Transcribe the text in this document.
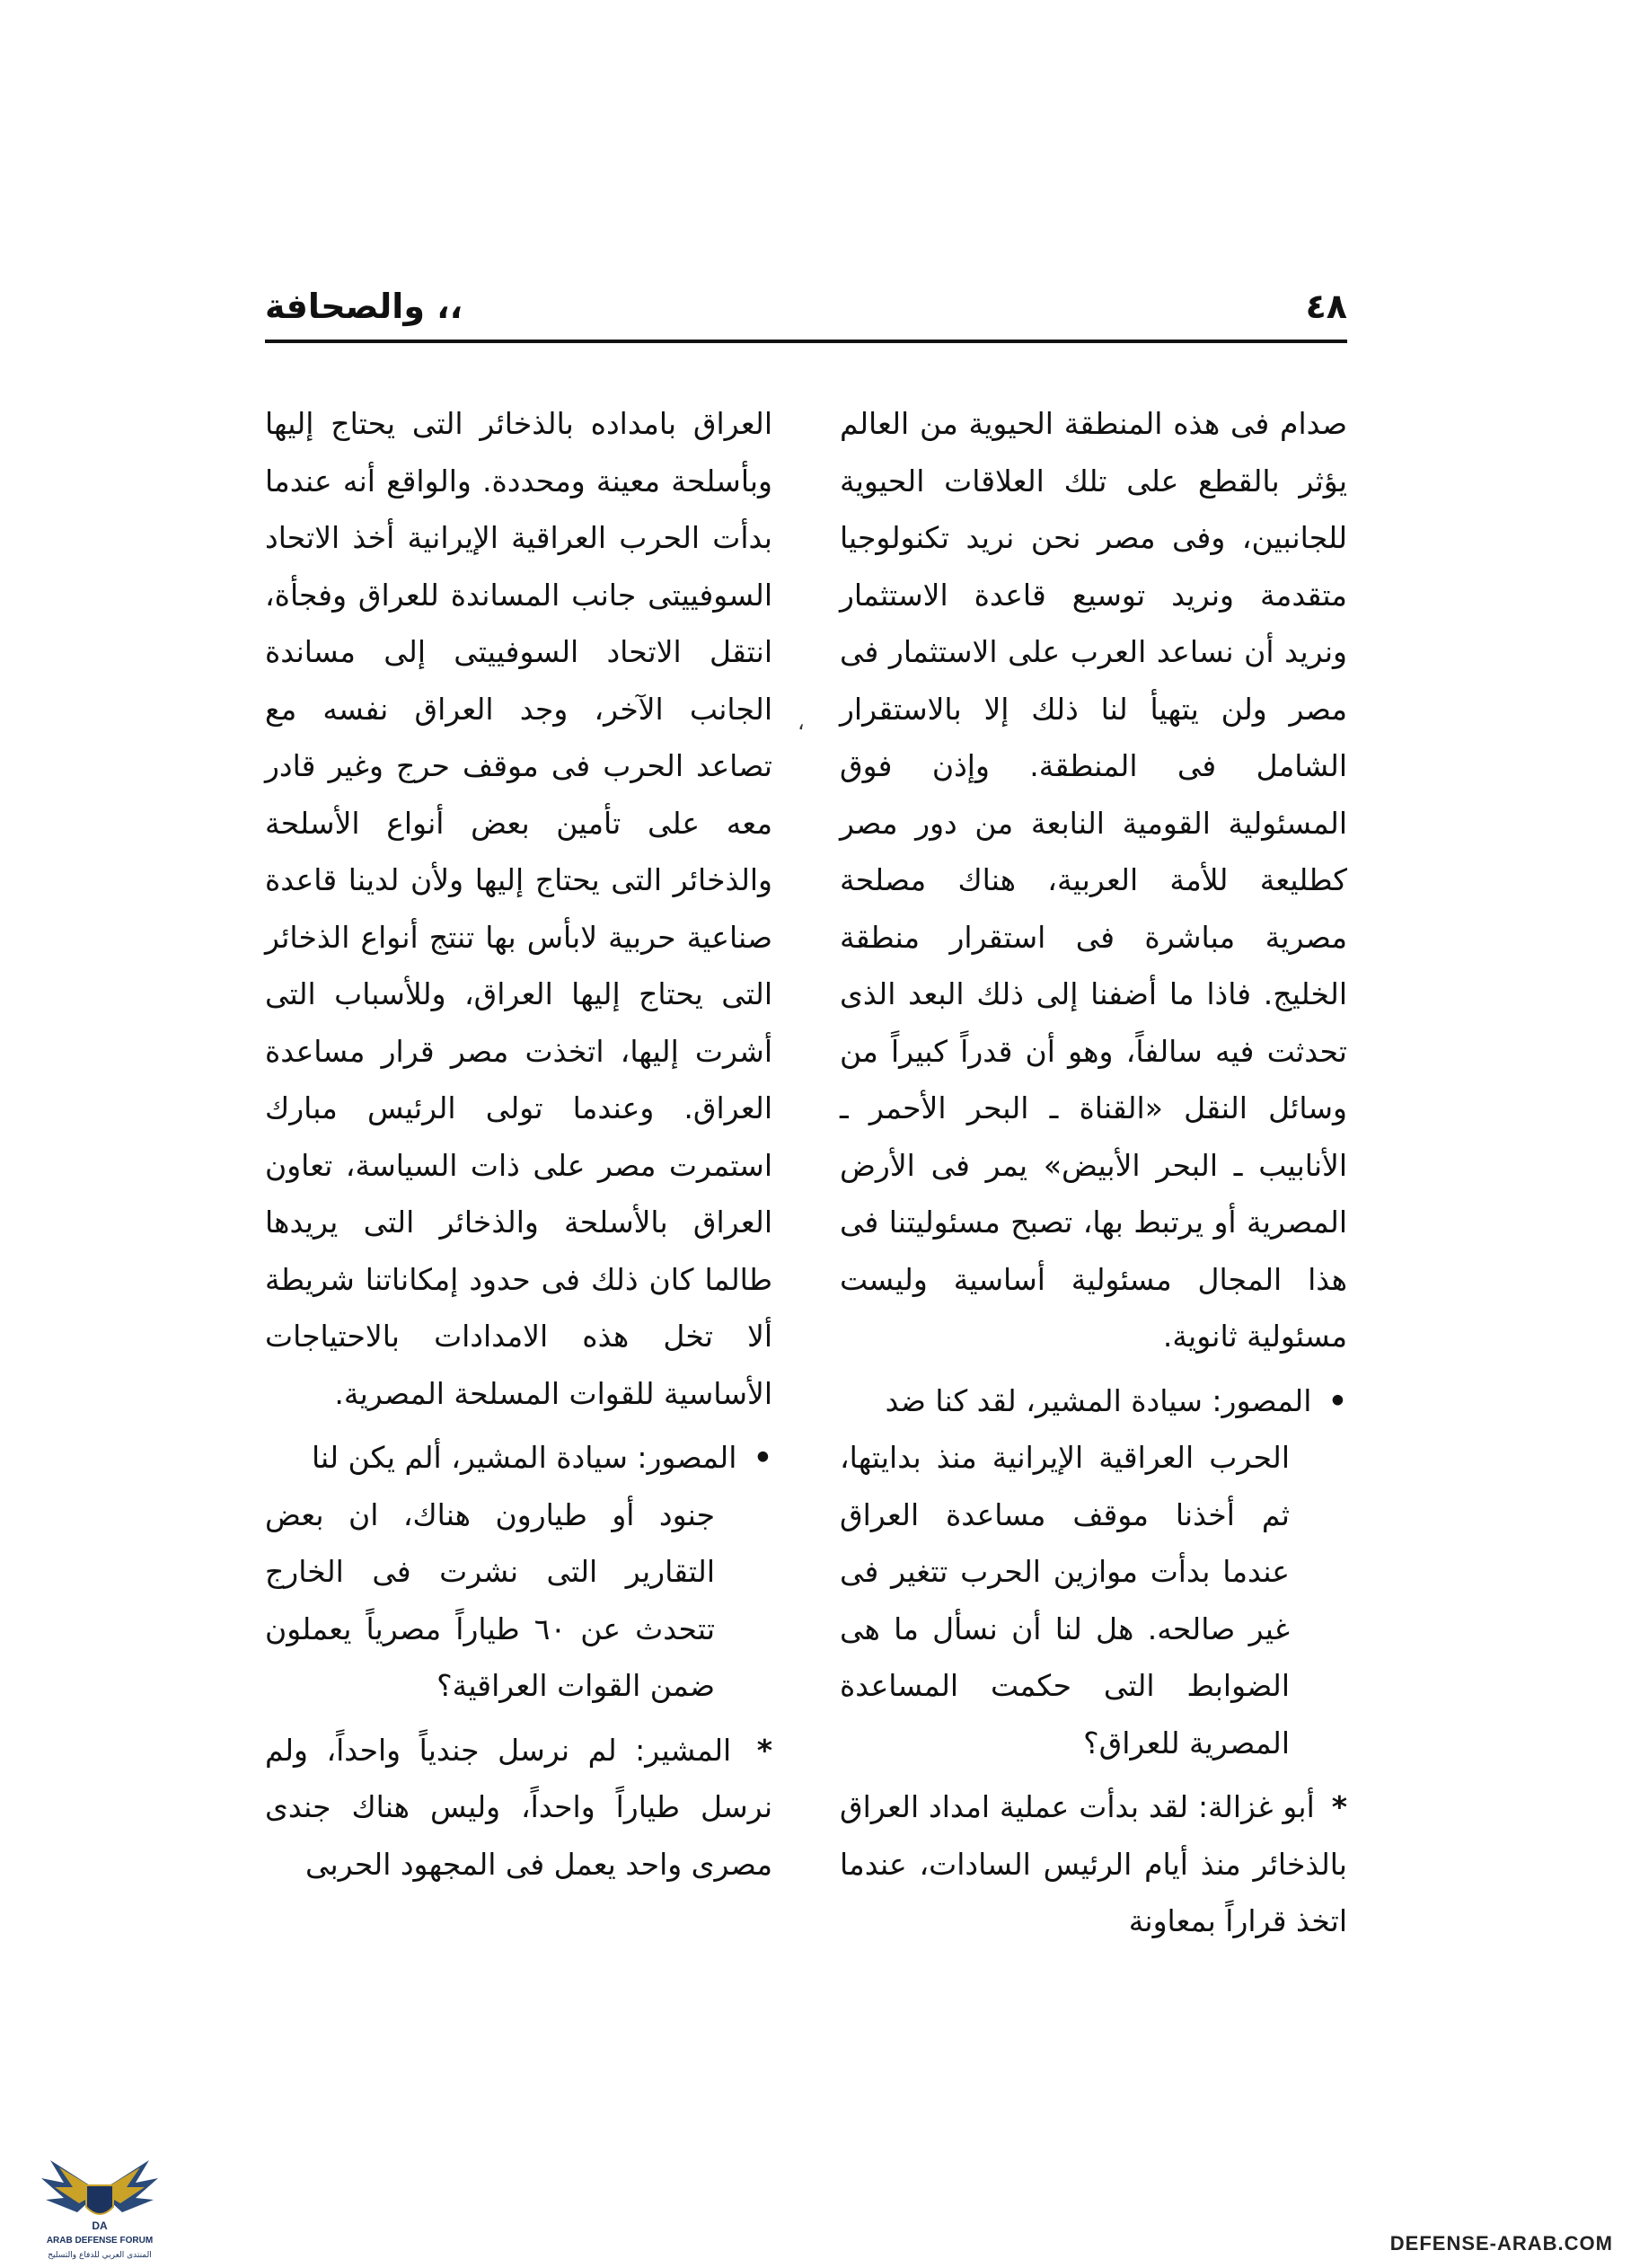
٤٨
،، والصحافة

صدام فى هذه المنطقة الحيوية من العالم يؤثر بالقطع على تلك العلاقات الحيوية للجانبين، وفى مصر نحن نريد تكنولوجيا متقدمة ونريد توسيع قاعدة الاستثمار ونريد أن نساعد العرب على الاستثمار فى مصر ولن يتهيأ لنا ذلك إلا بالاستقرار الشامل فى المنطقة. وإذن فوق المسئولية القومية النابعة من دور مصر كطليعة للأمة العربية، هناك مصلحة مصرية مباشرة فى استقرار منطقة الخليج. فاذا ما أضفنا إلى ذلك البعد الذى تحدثت فيه سالفاً، وهو أن قدراً كبيراً من وسائل النقل «القناة ـ البحر الأحمر ـ الأنابيب ـ البحر الأبيض» يمر فى الأرض المصرية أو يرتبط بها، تصبح مسئوليتنا فى هذا المجال مسئولية أساسية وليست مسئولية ثانوية.

• المصور: سيادة المشير، لقد كنا ضد
الحرب العراقية الإيرانية منذ بدايتها، ثم أخذنا موقف مساعدة العراق عندما بدأت موازين الحرب تتغير فى غير صالحه. هل لنا أن نسأل ما هى الضوابط التى حكمت المساعدة المصرية للعراق؟

* أبو غزالة: لقد بدأت عملية امداد العراق بالذخائر منذ أيام الرئيس السادات، عندما اتخذ قراراً بمعاونة

العراق بامداده بالذخائر التى يحتاج إليها وبأسلحة معينة ومحددة. والواقع أنه عندما بدأت الحرب العراقية الإيرانية أخذ الاتحاد السوفييتى جانب المساندة للعراق وفجأة، انتقل الاتحاد السوفييتى إلى مساندة الجانب الآخر، وجد العراق نفسه مع تصاعد الحرب فى موقف حرج وغير قادر معه على تأمين بعض أنواع الأسلحة والذخائر التى يحتاج إليها ولأن لدينا قاعدة صناعية حربية لابأس بها تنتج أنواع الذخائر التى يحتاج إليها العراق، وللأسباب التى أشرت إليها، اتخذت مصر قرار مساعدة العراق. وعندما تولى الرئيس مبارك استمرت مصر على ذات السياسة، تعاون العراق بالأسلحة والذخائر التى يريدها طالما كان ذلك فى حدود إمكاناتنا شريطة ألا تخل هذه الامدادات بالاحتياجات الأساسية للقوات المسلحة المصرية.

• المصور: سيادة المشير، ألم يكن لنا
جنود أو طيارون هناك، ان بعض التقارير التى نشرت فى الخارج تتحدث عن ٦٠ طياراً مصرياً يعملون ضمن القوات العراقية؟

* المشير: لم نرسل جندياً واحداً، ولم نرسل طياراً واحداً، وليس هناك جندى مصرى واحد يعمل فى المجهود الحربى

،
DA
ARAB DEFENSE FORUM
المنتدى العربي للدفاع والتسليح
DEFENSE-ARAB.COM
